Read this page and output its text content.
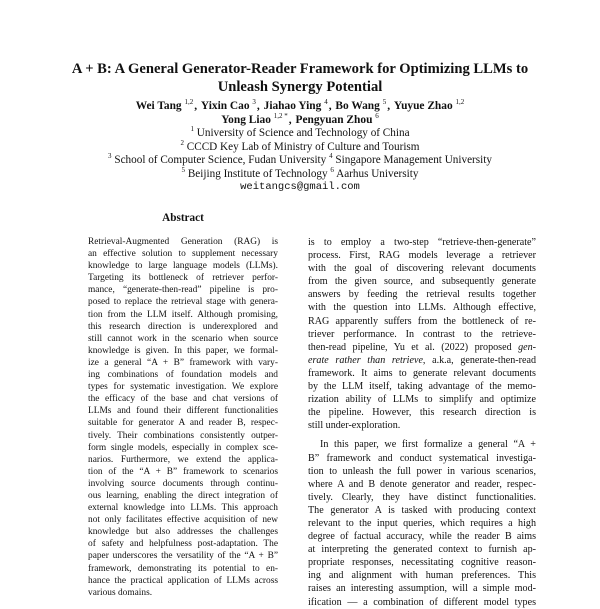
A + B: A General Generator-Reader Framework for Optimizing LLMs to
Unleash Synergy Potential
Wei Tang $^{1,2}$, Yixin Cao $^3$, Jiahao Ying $^4$, Bo Wang $^5$, Yuyue Zhao $^{1,2}$
Yong Liao $^{1,2 *}$, Pengyuan Zhou $^6$
$^1$ University of Science and Technology of China
$^2$ CCCD Key Lab of Ministry of Culture and Tourism
$^3$ School of Computer Science, Fudan University $^4$ Singapore Management University
$^5$ Beijing Institute of Technology $^6$ Aarhus University
weitangcs@gmail.com
Abstract
Retrieval-Augmented Generation (RAG) is
an effective solution to supplement necessary
knowledge to large language models (LLMs).
Targeting its bottleneck of retriever perfor-
mance, “generate-then-read” pipeline is pro-
posed to replace the retrieval stage with genera-
tion from the LLM itself. Although promising,
this research direction is underexplored and
still cannot work in the scenario when source
knowledge is given. In this paper, we formal-
ize a general “A + B” framework with vary-
ing combinations of foundation models and
types for systematic investigation. We explore
the efficacy of the base and chat versions of
LLMs and found their different functionalities
suitable for generator A and reader B, respec-
tively. Their combinations consistently outper-
form single models, especially in complex sce-
narios. Furthermore, we extend the applica-
tion of the “A + B” framework to scenarios
involving source documents through continu-
ous learning, enabling the direct integration of
external knowledge into LLMs. This approach
not only facilitates effective acquisition of new
knowledge but also addresses the challenges
of safety and helpfulness post-adaptation. The
paper underscores the versatility of the “A + B”
framework, demonstrating its potential to en-
hance the practical application of LLMs across
various domains.
is to employ a two-step “retrieve-then-generate”
process. First, RAG models leverage a retriever
with the goal of discovering relevant documents
from the given source, and subsequently generate
answers by feeding the retrieval results together
with the question into LLMs. Although effective,
RAG apparently suffers from the bottleneck of re-
triever performance. In contrast to the retrieve-
then-read pipeline, Yu et al. (2022) proposed gen-
erate rather than retrieve, a.k.a, generate-then-read
framework. It aims to generate relevant documents
by the LLM itself, taking advantage of the memo-
rization ability of LLMs to simplify and optimize
the pipeline. However, this research direction is
still under-exploration.
In this paper, we first formalize a general “A +
B” framework and conduct systematical investiga-
tion to unleash the full power in various scenarios,
where A and B denote generator and reader, respec-
tively. Clearly, they have distinct functionalities.
The generator A is tasked with producing context
relevant to the input queries, which requires a high
degree of factual accuracy, while the reader B aims
at interpreting the generated context to furnish ap-
propriate responses, necessitating cognitive reason-
ing and alignment with human preferences. This
raises an interesting assumption, will a simple mod-
ification — a combination of different model types
